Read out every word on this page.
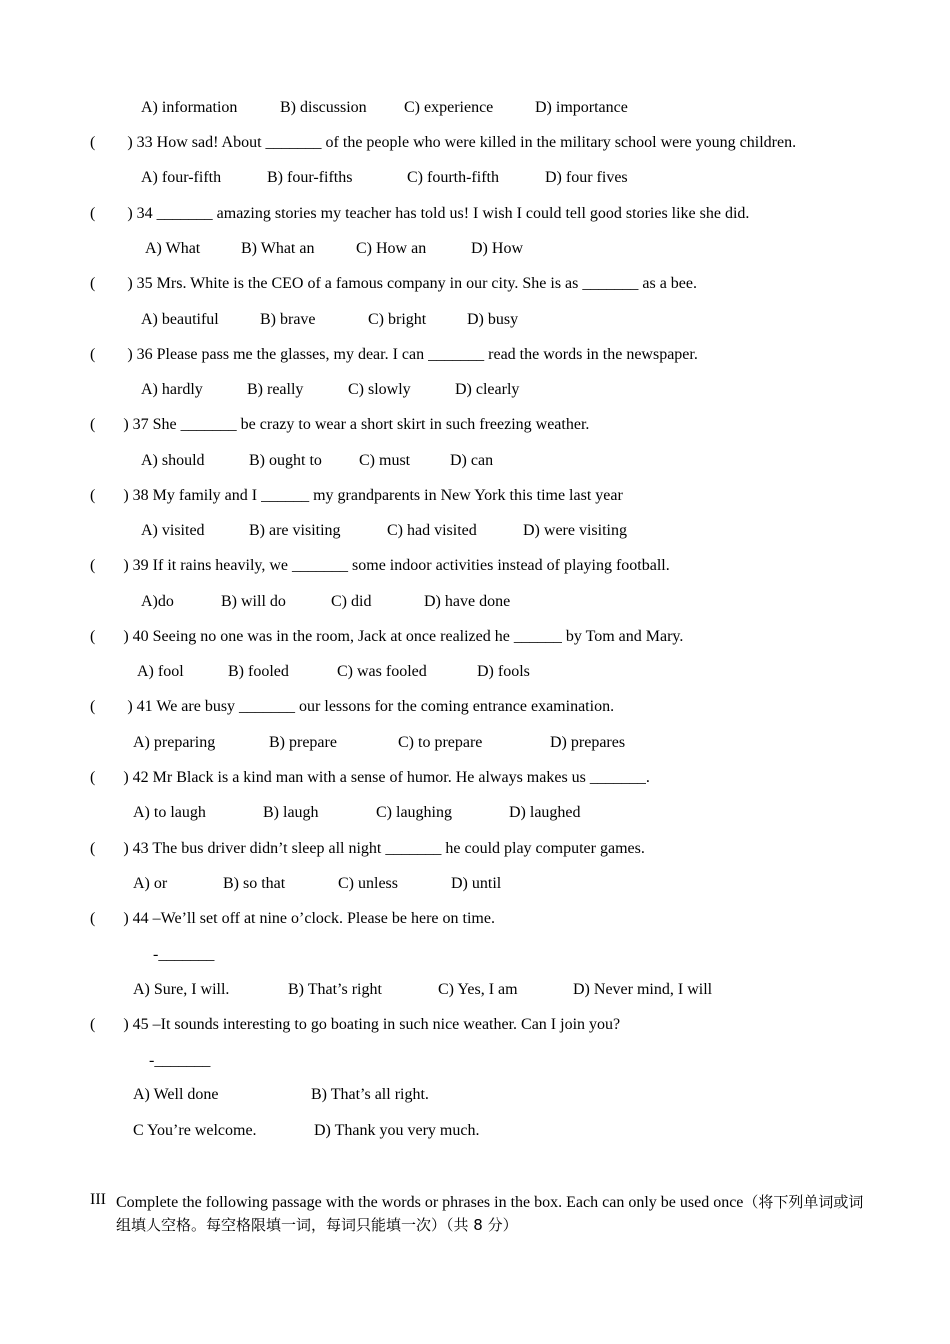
A) information	B) discussion C) experience	D) importance
(        ) 33 How sad! About _______ of the people who were killed in the military school were young children.
A) four-fifth	B) four-fifths	C) fourth-fifth	D) four fives
(        ) 34 _______ amazing stories my teacher has told us! I wish I could tell good stories like she did.
A) What	B) What an	C) How an	D) How
(        ) 35 Mrs. White is the CEO of a famous company in our city. She is as _______ as a bee.
A) beautiful	B) brave	C) bright	D) busy
(        ) 36 Please pass me the glasses, my dear. I can _______ read the words in the newspaper.
A) hardly	B) really	C) slowly	D) clearly
(       ) 37 She _______ be crazy to wear a short skirt in such freezing weather.
A) should	B) ought to C) must D) can
(       ) 38 My family and I ______ my grandparents in New York this time last year
A) visited	B) are visiting	C) had visited	D) were visiting
(       ) 39 If it rains heavily, we _______ some indoor activities instead of playing football.
A)do	B) will do	C) did	D) have done
(       ) 40 Seeing no one was in the room, Jack at once realized he ______ by Tom and Mary.
A) fool	B) fooled	C) was fooled	D) fools
(        ) 41 We are busy _______ our lessons for the coming entrance examination.
A) preparing	B) prepare	C) to prepare	D) prepares
(       ) 42 Mr Black is a kind man with a sense of humor. He always makes us _______.
A) to laugh	B) laugh	C) laughing	D) laughed
(       ) 43 The bus driver didn’t sleep all night _______ he could play computer games.
A) or	B) so that	C) unless	D) until
(       ) 44 –We’ll set off at nine o’clock. Please be here on time.
-_______
A) Sure, I will.	B) That’s right	C) Yes, I am	D) Never mind, I will
(       ) 45 –It sounds interesting to go boating in such nice weather. Can I join you?
-_______
A) Well done	B) That’s all right.
C You’re welcome.	D) Thank you very much.
III Complete the following passage with the words or phrases in the box. Each can only be used once（将下列单词或词组填人空格。每空格限填一词，每词只能填一次）（共 8 分）
